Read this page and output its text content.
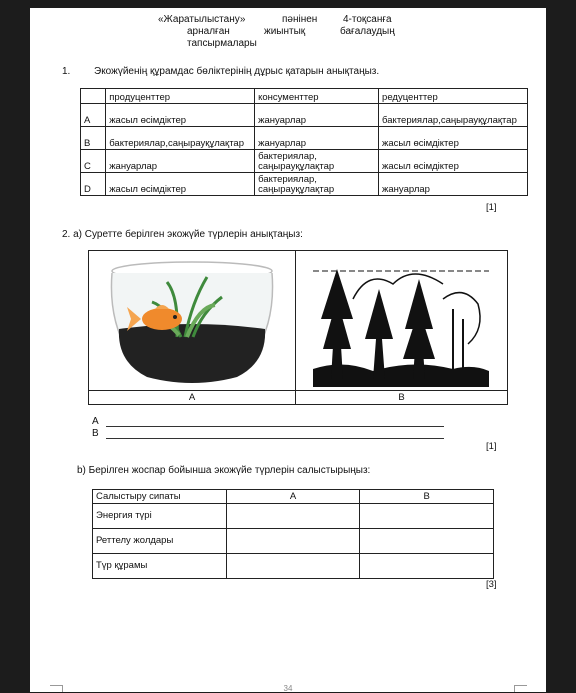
«Жаратылыстану»	пәнінен	4-тоқсанға
арналған	жиынтық	бағалаудың
тапсырмалары
1. Экожүйенің құрамдас бөліктерінің дұрыс қатарын анықтаңыз.
	продуценттер	консументтер	редуценттер
A	жасыл өсімдіктер	жануарлар	бактериялар,саңырауқұлақтар
B	бактериялар,саңырауқұлақтар	жануарлар	жасыл өсімдіктер
C	жануарлар	бактериялар, саңырауқұлақтар	жасыл өсімдіктер
D	жасыл өсімдіктер	бактериялар, саңырауқұлақтар	жануарлар
[1]
2. a) Суретте берілген экожүйе түрлерін анықтаңыз:
A	B
A
B
[1]
b) Берілген жоспар бойынша экожүйе түрлерін салыстырыңыз:
Салыстыру сипаты	A	B
Энергия түрі		
Реттелу жолдары		
Түр құрамы		
[3]
34
